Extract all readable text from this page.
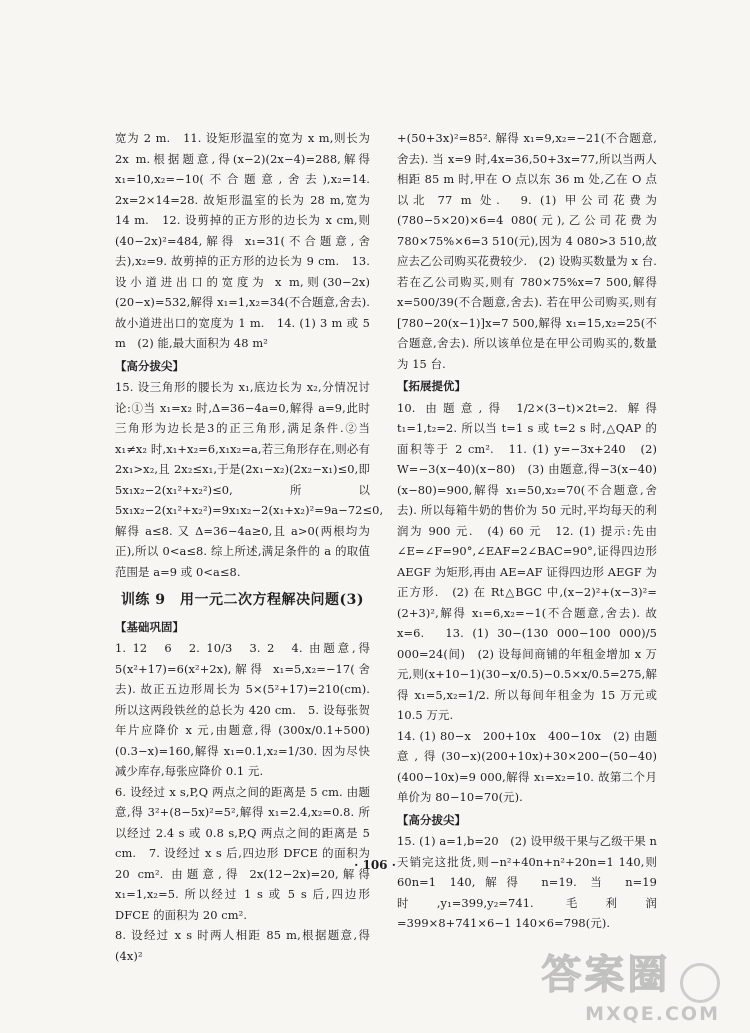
宽为 2 m.　11. 设矩形温室的宽为 x m,则长为 2x m.根据题意,得(x−2)(2x−4)=288,解得 x₁=10,x₂=−10(不合题意,舍去),x₂=14. 2x=2×14=28. 故矩形温室的长为 28 m,宽为 14 m.　12. 设剪掉的正方形的边长为 x cm,则(40−2x)²=484,解得 x₁=31(不合题意,舍去),x₂=9. 故剪掉的正方形的边长为 9 cm.　13. 设小道进出口的宽度为 x m,则(30−2x)(20−x)=532,解得 x₁=1,x₂=34(不合题意,舍去).故小道进出口的宽度为 1 m.　14. (1) 3 m 或 5 m　(2) 能,最大面积为 48 m²
【高分拔尖】
15. 设三角形的腰长为 x₁,底边长为 x₂,分情况讨论:①当 x₁=x₂ 时,Δ=36−4a=0,解得 a=9,此时三角形为边长是3的正三角形,满足条件.②当 x₁≠x₂ 时,x₁+x₂=6,x₁x₂=a,若三角形存在,则必有 2x₁>x₂,且 2x₂≤x₁,于是(2x₁−x₂)(2x₂−x₁)≤0,即 5x₁x₂−2(x₁²+x₂²)≤0,所以 5x₁x₂−2(x₁²+x₂²)=9x₁x₂−2(x₁+x₂)²=9a−72≤0,解得 a≤8. 又 Δ=36−4a≥0,且 a>0(两根均为正),所以 0<a≤8. 综上所述,满足条件的 a 的取值范围是 a=9 或 0<a≤8.
训练 9　用一元二次方程解决问题(3)
【基础巩固】
1. 12　6　2. 10/3　3. 2　4. 由题意,得 5(x²+17)=6(x²+2x),解得 x₁=5,x₂=−17(舍去). 故正五边形周长为 5×(5²+17)=210(cm). 所以这两段铁丝的总长为 420 cm.　5. 设每张贺年片应降价 x 元,由题意,得 (300x/0.1+500)(0.3−x)=160,解得 x₁=0.1,x₂=1/30. 因为尽快减少库存,每张应降价 0.1 元.
6. 设经过 x s,P,Q 两点之间的距离是 5 cm. 由题意,得 3²+(8−5x)²=5²,解得 x₁=2.4,x₂=0.8. 所以经过 2.4 s 或 0.8 s,P,Q 两点之间的距离是 5 cm.　7. 设经过 x s 后,四边形 DFCE 的面积为 20 cm². 由题意,得 2x(12−2x)=20,解得 x₁=1,x₂=5. 所以经过 1 s 或 5 s 后,四边形 DFCE 的面积为 20 cm².
8. 设经过 x s 时两人相距 85 m,根据题意,得(4x)²
+(50+3x)²=85². 解得 x₁=9,x₂=−21(不合题意,舍去). 当 x=9 时,4x=36,50+3x=77,所以当两人相距 85 m 时,甲在 O 点以东 36 m 处,乙在 O 点以北 77 m 处.　9. (1) 甲公司花费为(780−5×20)×6=4 080(元),乙公司花费为 780×75%×6=3 510(元),因为 4 080>3 510,故应去乙公司购买花费较少.　(2) 设购买数量为 x 台. 若在乙公司购买,则有 780×75%x=7 500,解得 x=500/39(不合题意,舍去). 若在甲公司购买,则有[780−20(x−1)]x=7 500,解得 x₁=15,x₂=25(不合题意,舍去). 所以该单位是在甲公司购买的,数量为 15 台.
【拓展提优】
10. 由题意,得 1/2×(3−t)×2t=2. 解得 t₁=1,t₂=2. 所以当 t=1 s 或 t=2 s 时,△QAP 的面积等于 2 cm².　11. (1) y=−3x+240　(2) W=−3(x−40)(x−80)　(3) 由题意,得−3(x−40)(x−80)=900,解得 x₁=50,x₂=70(不合题意,舍去). 所以每箱牛奶的售价为 50 元时,平均每天的利润为 900 元.　(4) 60 元　12. (1) 提示:先由∠E=∠F=90°,∠EAF=2∠BAC=90°,证得四边形 AEGF 为矩形,再由 AE=AF 证得四边形 AEGF 为正方形.　(2) 在 Rt△BGC 中,(x−2)²+(x−3)²=(2+3)²,解得 x₁=6,x₂=−1(不合题意,舍去). 故 x=6.　13. (1) 30−(130 000−100 000)/5 000=24(间)　(2) 设每间商铺的年租金增加 x 万元,则(x+10−1)(30−x/0.5)−0.5×x/0.5=275,解得 x₁=5,x₂=1/2. 所以每间年租金为 15 万元或 10.5 万元.
14. (1) 80−x　200+10x　400−10x　(2) 由题意,得(30−x)(200+10x)+30×200−(50−40)(400−10x)=9 000,解得 x₁=x₂=10. 故第二个月单价为 80−10=70(元).
【高分拔尖】
15. (1) a=1,b=20　(2) 设甲级干果与乙级干果 n 天销完这批货,则−n²+40n+n²+20n=1 140,则 60n=1 140,解得 n=19. 当 n=19 时,y₁=399,y₂=741. 毛利润=399×8+741×6−1 140×6=798(元).
· 106 ·
答案圈
MXQE.COM
